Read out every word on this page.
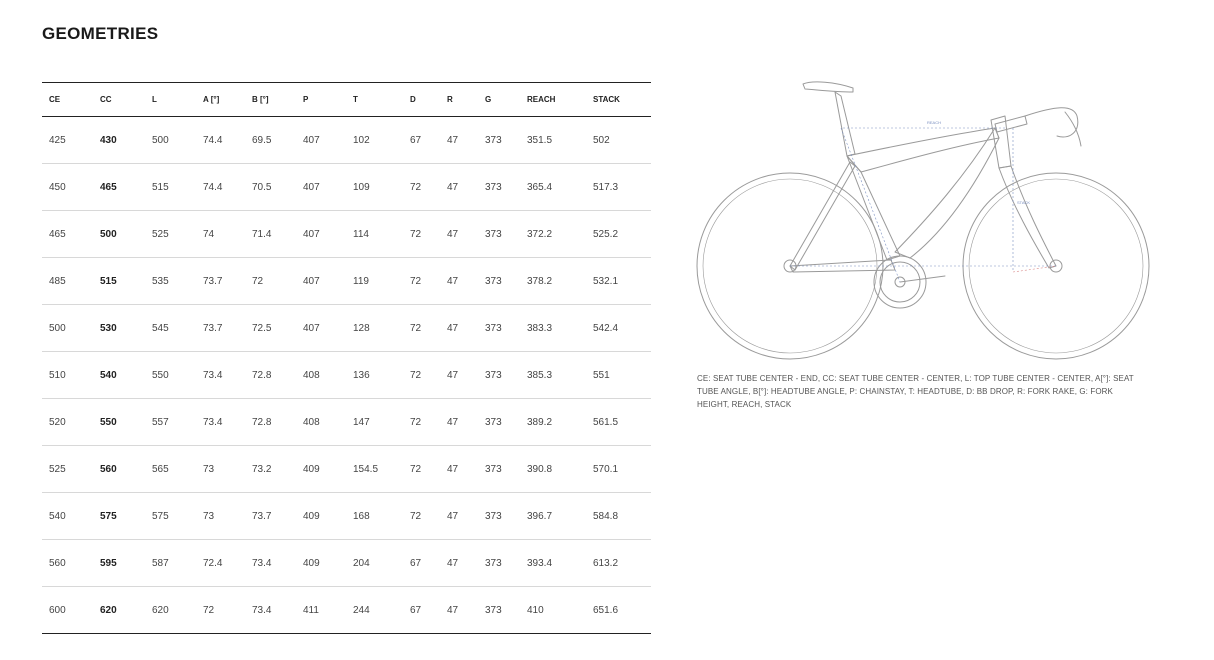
GEOMETRIES
CE	CC	L	A [°]	B [°]	P	T	D	R	G	REACH	STACK
425	430	500	74.4	69.5	407	102	67	47	373	351.5	502
450	465	515	74.4	70.5	407	109	72	47	373	365.4	517.3
465	500	525	74	71.4	407	114	72	47	373	372.2	525.2
485	515	535	73.7	72	407	119	72	47	373	378.2	532.1
500	530	545	73.7	72.5	407	128	72	47	373	383.3	542.4
510	540	550	73.4	72.8	408	136	72	47	373	385.3	551
520	550	557	73.4	72.8	408	147	72	47	373	389.2	561.5
525	560	565	73	73.2	409	154.5	72	47	373	390.8	570.1
540	575	575	73	73.7	409	168	72	47	373	396.7	584.8
560	595	587	72.4	73.4	409	204	67	47	373	393.4	613.2
600	620	620	72	73.4	411	244	67	47	373	410	651.6
REACH
STACK
CE: SEAT TUBE CENTER - END, CC: SEAT TUBE CENTER - CENTER, L: TOP TUBE CENTER - CENTER, A[°]: SEAT TUBE ANGLE, B[°]: HEADTUBE ANGLE, P: CHAINSTAY, T: HEADTUBE, D: BB DROP, R: FORK RAKE, G: FORK HEIGHT, REACH, STACK
